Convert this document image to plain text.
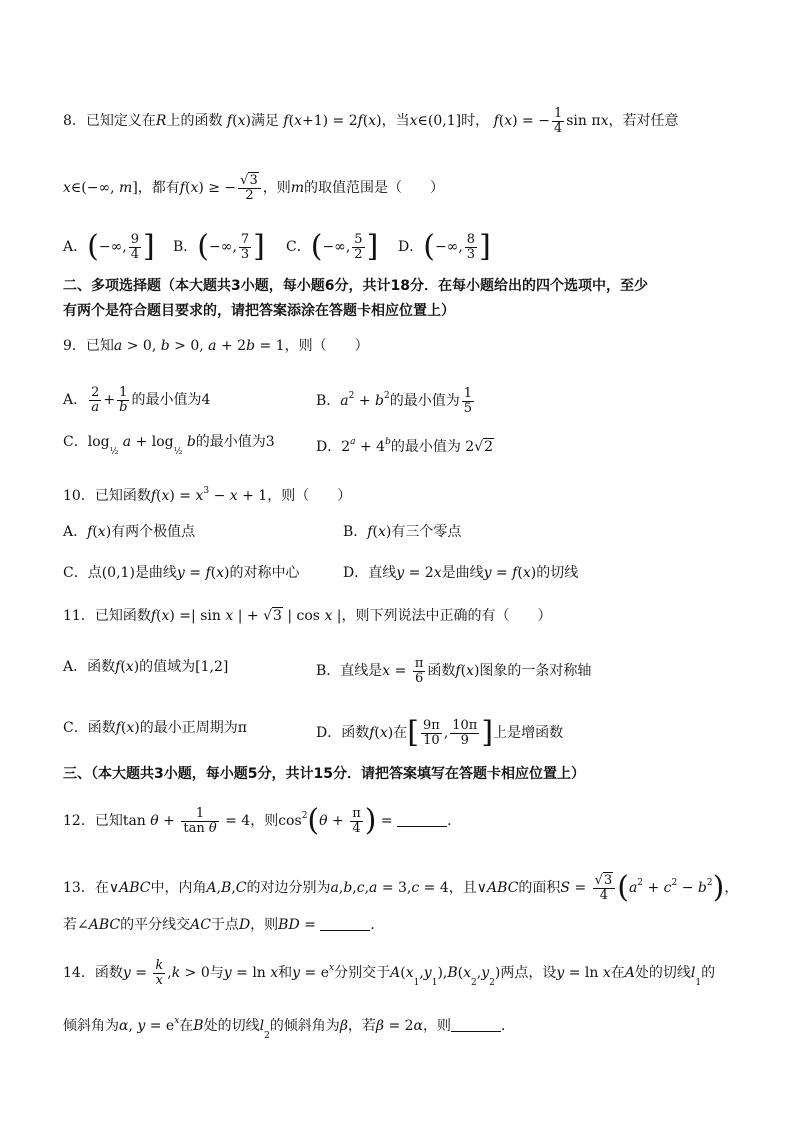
8．已知定义在R上的函数 f(x)满足 f(x+1) = 2f(x)，当x∈(0,1]时， f(x) = − $\frac{1}{4}$ sin πx，若对任意
x∈(−∞, m]，都有f(x) ≥ − $\frac{√3}{2}$ ，则m的取值范围是（　　）
A．(−∞, $\frac{9}{4}$ ] B．(−∞, $\frac{7}{3}$ ] C．(−∞, $\frac{5}{2}$ ] D．(−∞, $\frac{8}{3}$ ]
二、多项选择题（本大题共3小题，每小题6分，共计18分．在每小题给出的四个选项中，至少
有两个是符合题目要求的，请把答案添涂在答题卡相应位置上）
9．已知a > 0, b > 0, a + 2b = 1，则（　　）
A． $\frac{2}{a} + \frac{1}{b}$ 的最小值为4	B．$a^2 + b^2$的最小值为 $\frac{1}{5}$
C．$\log_{\frac{1}{2}} a + \log_{\frac{1}{2}} b$的最小值为3	D．$2^a + 4^b$的最小值为 2√2
10．已知函数$f(x) = x^3 - x + 1$，则（　　）
A．f(x)有两个极值点	B．f(x)有三个零点
C．点(0,1)是曲线y = f(x)的对称中心	D．直线y = 2x是曲线y = f(x)的切线
11．已知函数f(x) =| sin x | + √3 | cos x |，则下列说法中正确的有（　　）
A．函数f(x)的值域为[1,2]	B．直线是$x = \frac{\pi}{6}$ 函数f(x)图象的一条对称轴
C．函数f(x)的最小正周期为π	D．函数f(x)在[ $\frac{9\pi}{10}$ , $\frac{10\pi}{9}$ ]上是增函数
三、（本大题共3小题，每小题5分，共计15分．请把答案填写在答题卡相应位置上）
12．已知$\tan \theta + \frac{1}{\text{tan θ}} = 4$，则$\cos^2(\theta + \frac{\pi}{4}$ ) =	．
13．在∨ABC中，内角A,B,C的对边分别为a,b,c,a = 3,c = 4，且∨ABC的面积$S = \frac{√3}{4} (a^2 + c^2 - b^2)$，
若∠ABC的平分线交AC于点D，则BD =	．
14．函数$y = \frac{k}{x} ,k > 0$与y = ln x和$y = e^x$分别交于$A(x_1,y_1),B(x_2,y_2)$两点，设y = ln x在A处的切线$l_1$的
倾斜角为α, $y = e^x$在B处的切线$l_2$的倾斜角为β，若β = 2α，则	．
